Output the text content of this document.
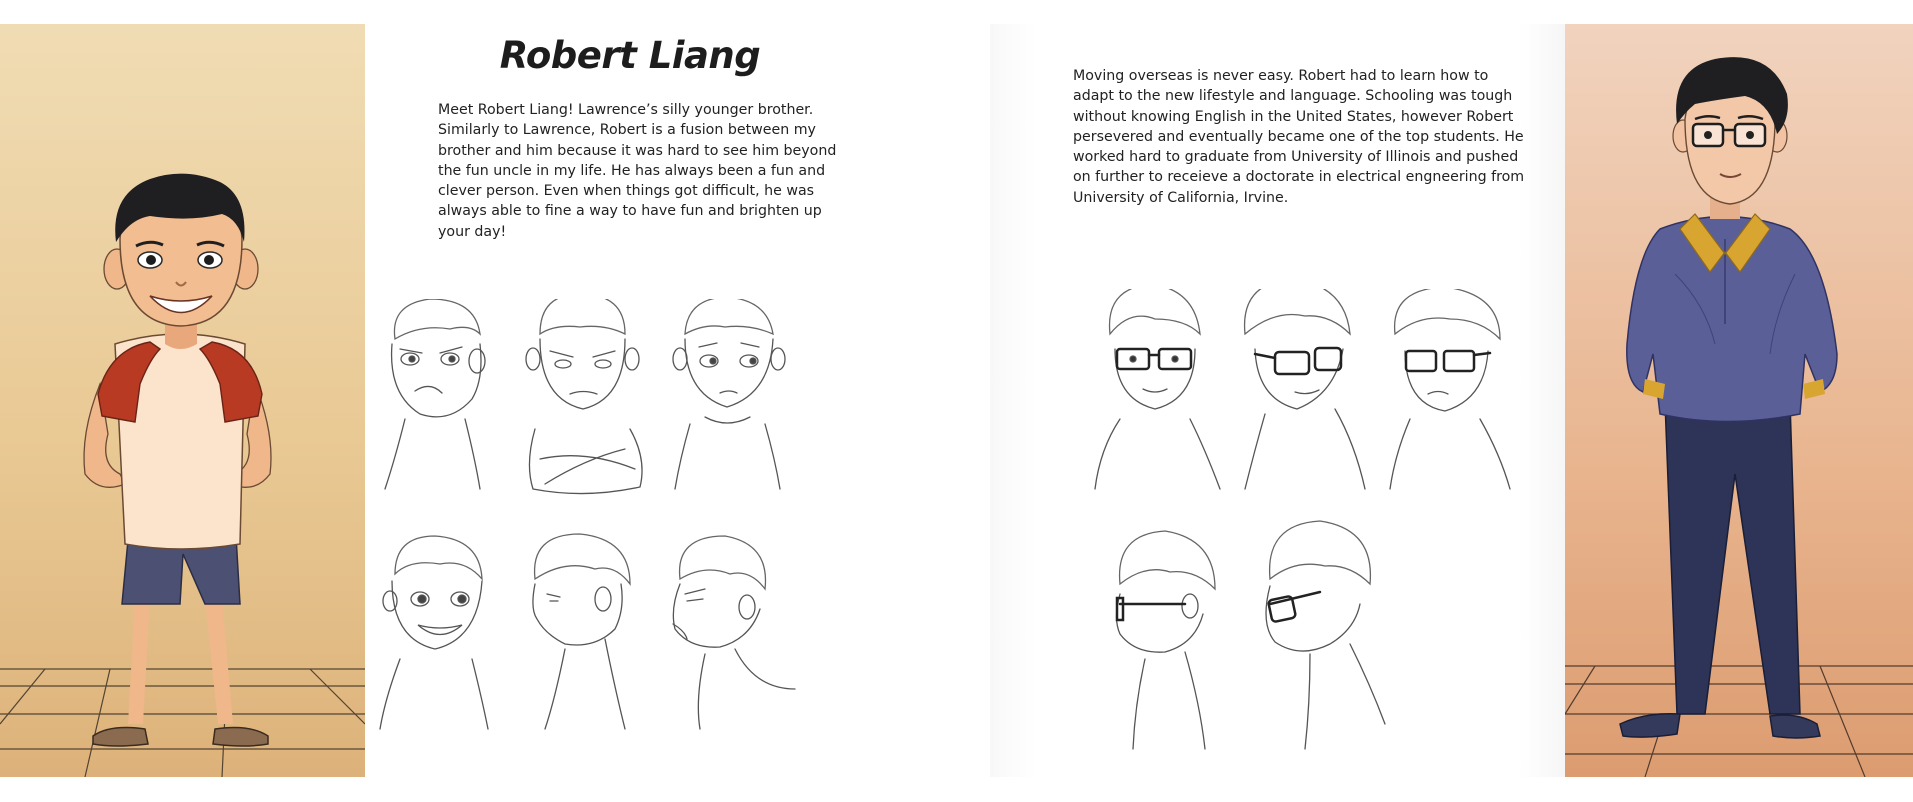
Robert Liang

Meet Robert Liang! Lawrence’s silly younger brother.
Similarly to Lawrence, Robert is a fusion between my
brother and him because it was hard to see him beyond
the fun uncle in my life. He has always been a fun and
clever person. Even when things got difficult, he was
always able to fine a way to have fun and brighten up
your day!

Moving overseas is never easy. Robert had to learn how to
adapt to the new lifestyle and language. Schooling was tough
without knowing English in the United States, however Robert
persevered and eventually became one of the top students. He
worked hard to graduate from University of Illinois and pushed
on further to receieve a doctorate in electrical engneering from
University of California, Irvine.
